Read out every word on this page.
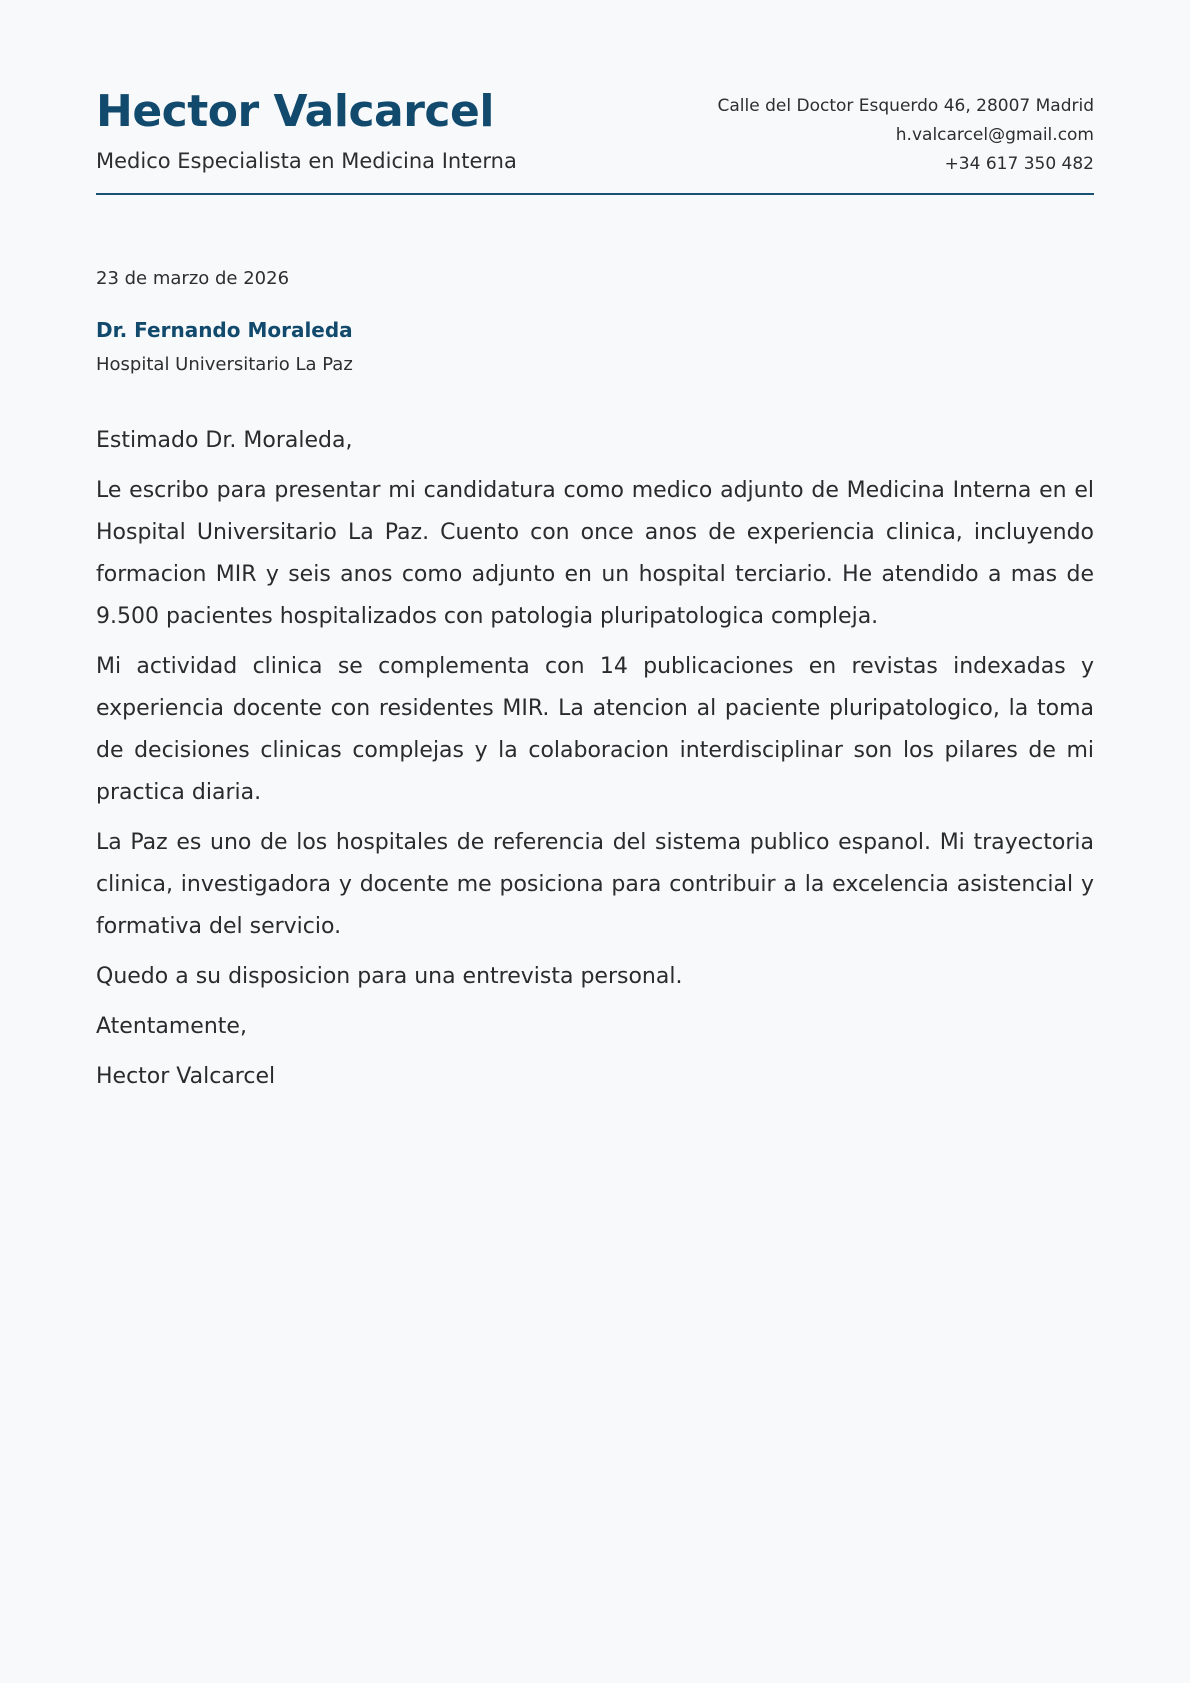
Hector Valcarcel
Medico Especialista en Medicina Interna
Calle del Doctor Esquerdo 46, 28007 Madrid
h.valcarcel@gmail.com
+34 617 350 482
23 de marzo de 2026
Dr. Fernando Moraleda
Hospital Universitario La Paz

Estimado Dr. Moraleda,

Le escribo para presentar mi candidatura como medico adjunto de Medicina Interna en el Hospital Universitario La Paz. Cuento con once anos de experiencia clinica, incluyendo formacion MIR y seis anos como adjunto en un hospital terciario. He atendido a mas de 9.500 pacientes hospitalizados con patologia pluripatologica compleja.

Mi actividad clinica se complementa con 14 publicaciones en revistas indexadas y experiencia docente con residentes MIR. La atencion al paciente pluripatologico, la toma de decisiones clinicas complejas y la colaboracion interdisciplinar son los pilares de mi practica diaria.

La Paz es uno de los hospitales de referencia del sistema publico espanol. Mi trayectoria clinica, investigadora y docente me posiciona para contribuir a la excelencia asistencial y formativa del servicio.

Quedo a su disposicion para una entrevista personal.

Atentamente,

Hector Valcarcel
